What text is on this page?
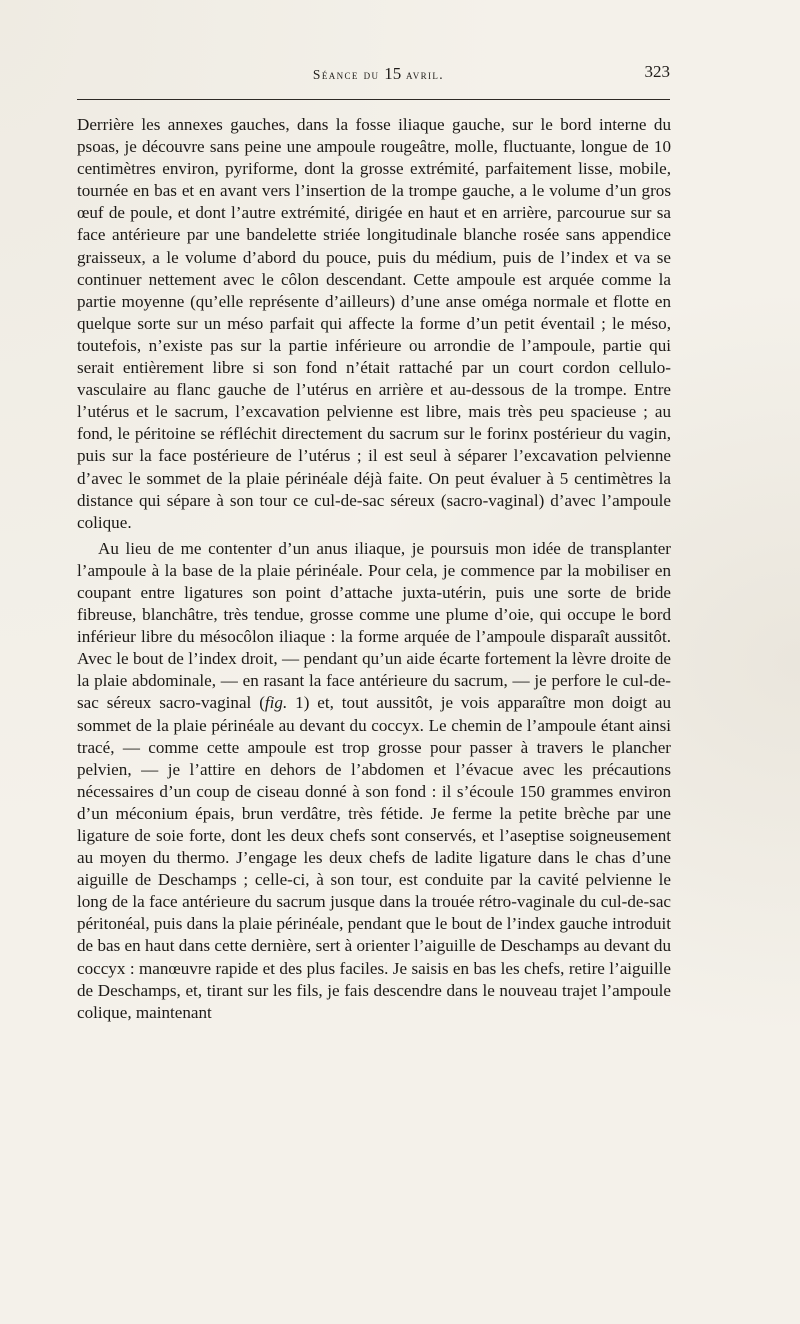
Séance du 15 avril.	323

Derrière les annexes gauches, dans la fosse iliaque gauche, sur le bord interne du psoas, je découvre sans peine une ampoule rougeâtre, molle, fluctuante, longue de 10 centimètres environ, pyriforme, dont la grosse extrémité, parfaitement lisse, mobile, tournée en bas et en avant vers l’insertion de la trompe gauche, a le volume d’un gros œuf de poule, et dont l’autre extrémité, dirigée en haut et en arrière, parcourue sur sa face antérieure par une bandelette striée longitudinale blanche rosée sans appendice graisseux, a le volume d’abord du pouce, puis du médium, puis de l’index et va se continuer nettement avec le côlon descendant. Cette ampoule est arquée comme la partie moyenne (qu’elle représente d’ailleurs) d’une anse oméga normale et flotte en quelque sorte sur un méso parfait qui affecte la forme d’un petit éventail ; le méso, toutefois, n’existe pas sur la partie inférieure ou arrondie de l’ampoule, partie qui serait entièrement libre si son fond n’était rattaché par un court cordon cellulo-vasculaire au flanc gauche de l’utérus en arrière et au-dessous de la trompe. Entre l’utérus et le sacrum, l’excavation pelvienne est libre, mais très peu spacieuse ; au fond, le péritoine se réfléchit directement du sacrum sur le forinx postérieur du vagin, puis sur la face postérieure de l’utérus ; il est seul à séparer l’excavation pelvienne d’avec le sommet de la plaie périnéale déjà faite. On peut évaluer à 5 centimètres la distance qui sépare à son tour ce cul-de-sac séreux (sacro-vaginal) d’avec l’ampoule colique.

Au lieu de me contenter d’un anus iliaque, je poursuis mon idée de transplanter l’ampoule à la base de la plaie périnéale. Pour cela, je commence par la mobiliser en coupant entre ligatures son point d’attache juxta-utérin, puis une sorte de bride fibreuse, blanchâtre, très tendue, grosse comme une plume d’oie, qui occupe le bord inférieur libre du mésocôlon iliaque : la forme arquée de l’ampoule disparaît aussitôt. Avec le bout de l’index droit, — pendant qu’un aide écarte fortement la lèvre droite de la plaie abdominale, — en rasant la face antérieure du sacrum, — je perfore le cul-de-sac séreux sacro-vaginal (fig. 1) et, tout aussitôt, je vois apparaître mon doigt au sommet de la plaie périnéale au devant du coccyx. Le chemin de l’ampoule étant ainsi tracé, — comme cette ampoule est trop grosse pour passer à travers le plancher pelvien, — je l’attire en dehors de l’abdomen et l’évacue avec les précautions nécessaires d’un coup de ciseau donné à son fond : il s’écoule 150 grammes environ d’un méconium épais, brun verdâtre, très fétide. Je ferme la petite brèche par une ligature de soie forte, dont les deux chefs sont conservés, et l’aseptise soigneusement au moyen du thermo. J’engage les deux chefs de ladite ligature dans le chas d’une aiguille de Deschamps ; celle-ci, à son tour, est conduite par la cavité pelvienne le long de la face antérieure du sacrum jusque dans la trouée rétro-vaginale du cul-de-sac péritonéal, puis dans la plaie périnéale, pendant que le bout de l’index gauche introduit de bas en haut dans cette dernière, sert à orienter l’aiguille de Deschamps au devant du coccyx : manœuvre rapide et des plus faciles. Je saisis en bas les chefs, retire l’aiguille de Deschamps, et, tirant sur les fils, je fais descendre dans le nouveau trajet l’ampoule colique, maintenant
